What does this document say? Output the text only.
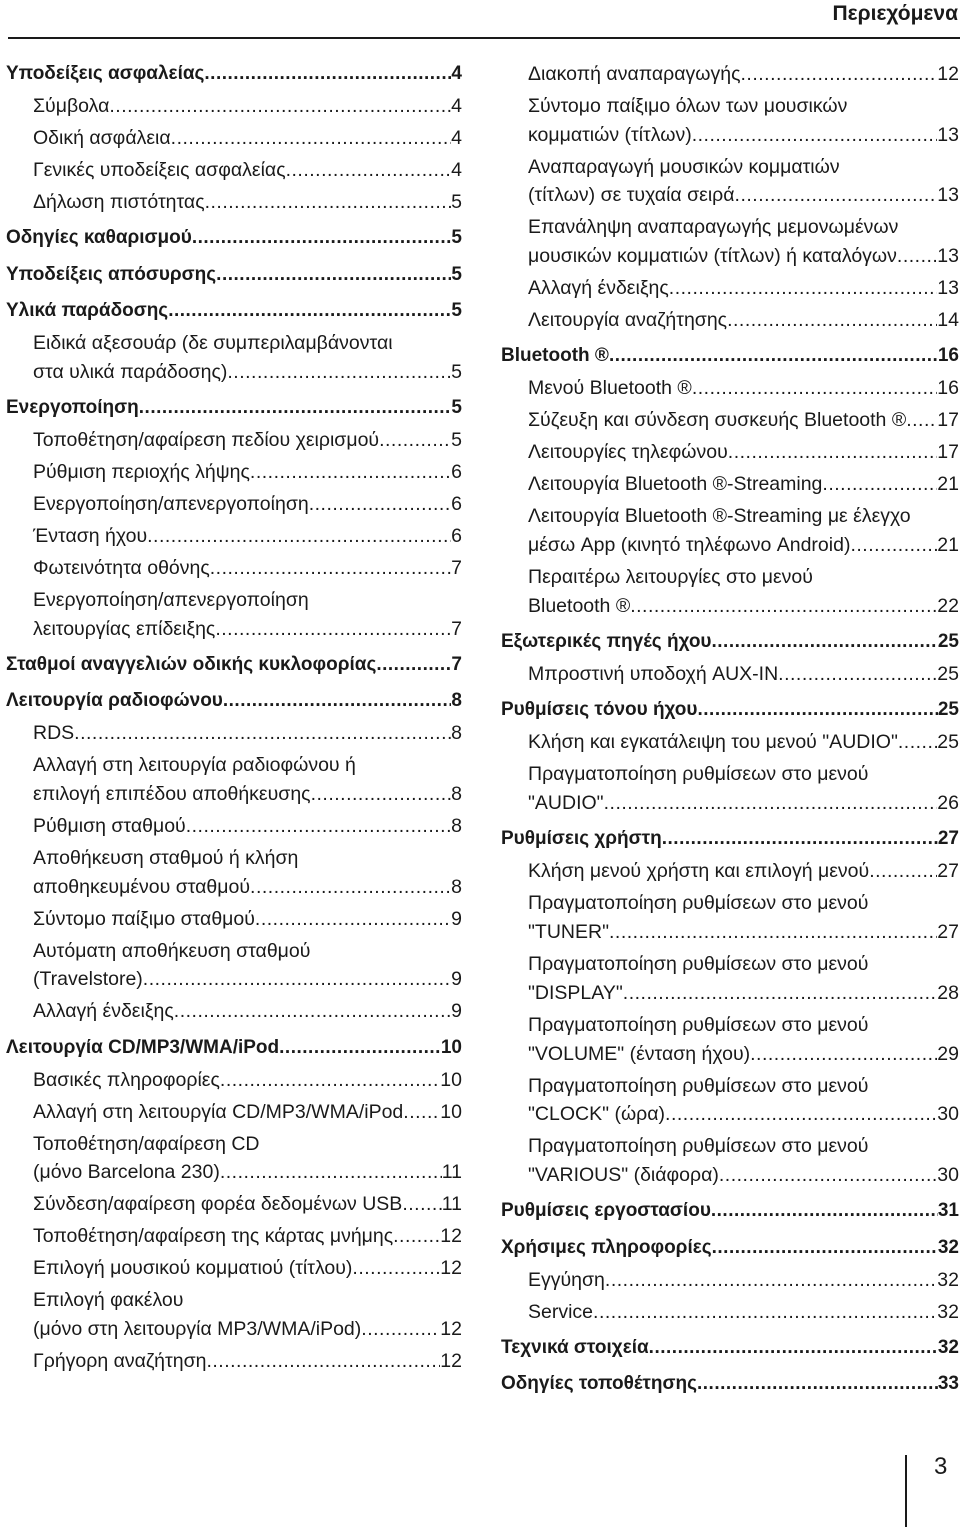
Περιεχόμενα
Υποδείξεις ασφαλείας .....	4
Σύμβολα .....	4
Οδική ασφάλεια .....	4
Γενικές υποδείξεις ασφαλείας .....	4
Δήλωση πιστότητας .....	5
Οδηγίες καθαρισμού .....	5
Υποδείξεις απόσυρσης .....	5
Υλικά παράδοσης .....	5
Ειδικά αξεσουάρ (δε συμπεριλαμβάνονται
στα υλικά παράδοσης) .....	5
Ενεργοποίηση .....	5
Τοποθέτηση/αφαίρεση πεδίου χειρισμού .....	5
Ρύθμιση περιοχής λήψης .....	6
Ενεργοποίηση/απενεργοποίηση .....	6
Ένταση ήχου .....	6
Φωτεινότητα οθόνης .....	7
Ενεργοποίηση/απενεργοποίηση
λειτουργίας επίδειξης .....	7
Σταθμοί αναγγελιών οδικής κυκλοφορίας .....	7
Λειτουργία ραδιοφώνου .....	8
RDS .....	8
Αλλαγή στη λειτουργία ραδιοφώνου ή
επιλογή επιπέδου αποθήκευσης .....	8
Ρύθμιση σταθμού .....	8
Αποθήκευση σταθμού ή κλήση
αποθηκευμένου σταθμού .....	8
Σύντομο παίξιμο σταθμού .....	9
Αυτόματη αποθήκευση σταθμού
(Travelstore) .....	9
Αλλαγή ένδειξης .....	9
Λειτουργία CD/MP3/WMA/iPod .....	10
Βασικές πληροφορίες .....	10
Αλλαγή στη λειτουργία CD/MP3/WMA/iPod ..... 10
Τοποθέτηση/αφαίρεση CD
(μόνο Barcelona 230) .....	11
Σύνδεση/αφαίρεση φορέα δεδομένων USB ..... 11
Τοποθέτηση/αφαίρεση της κάρτας μνήμης ..... 12
Επιλογή μουσικού κομματιού (τίτλου) .....	12
Επιλογή φακέλου
(μόνο στη λειτουργία MP3/WMA/iPod) .....	12
Γρήγορη αναζήτηση .....	12
Διακοπή αναπαραγωγής .....	12
Σύντομο παίξιμο όλων των μουσικών
κομματιών (τίτλων) .....	13
Αναπαραγωγή μουσικών κομματιών
(τίτλων) σε τυχαία σειρά .....	13
Επανάληψη αναπαραγωγής μεμονωμένων
μουσικών κομματιών (τίτλων) ή καταλόγων ..... 13
Αλλαγή ένδειξης .....	13
Λειτουργία αναζήτησης .....	14
Bluetooth ® .....	16
Μενού Bluetooth ® .....	16
Σύζευξη και σύνδεση συσκευής Bluetooth ® ..... 17
Λειτουργίες τηλεφώνου .....	17
Λειτουργία Bluetooth ®-Streaming .....	21
Λειτουργία Bluetooth ®-Streaming με έλεγχο
μέσω App (κινητό τηλέφωνο Android) .....	21
Περαιτέρω λειτουργίες στο μενού
Bluetooth ® .....	22
Εξωτερικές πηγές ήχου .....	25
Μπροστινή υποδοχή AUX-IN .....	25
Ρυθμίσεις τόνου ήχου .....	25
Κλήση και εγκατάλειψη του μενού "AUDIO" ..... 25
Πραγματοποίηση ρυθμίσεων στο μενού
"AUDIO" .....	26
Ρυθμίσεις χρήστη .....	27
Κλήση μενού χρήστη και επιλογή μενού .....	27
Πραγματοποίηση ρυθμίσεων στο μενού
"TUNER" .....	27
Πραγματοποίηση ρυθμίσεων στο μενού
"DISPLAY" .....	28
Πραγματοποίηση ρυθμίσεων στο μενού
"VOLUME" (ένταση ήχου) .....	29
Πραγματοποίηση ρυθμίσεων στο μενού
"CLOCK" (ώρα) .....	30
Πραγματοποίηση ρυθμίσεων στο μενού
"VARIOUS" (διάφορα) .....	30
Ρυθμίσεις εργοστασίου .....	31
Χρήσιμες πληροφορίες .....	32
Εγγύηση .....	32
Service .....	32
Τεχνικά στοιχεία .....	32
Οδηγίες τοποθέτησης .....	33
3
